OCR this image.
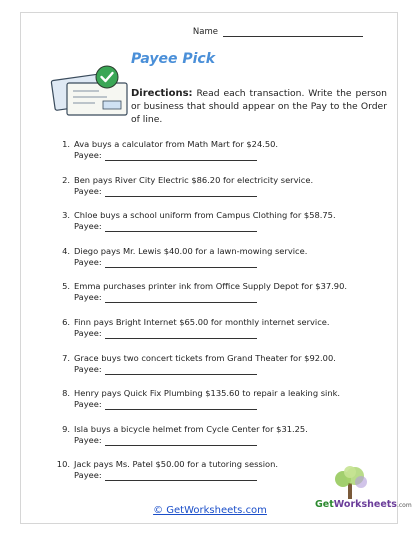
Name
Payee Pick
Directions: Read each transaction. Write the person or business that should appear on the Pay to the Order of line.
1. Ava buys a calculator from Math Mart for $24.50.
Payee:
2. Ben pays River City Electric $86.20 for electricity service.
Payee:
3. Chloe buys a school uniform from Campus Clothing for $58.75.
Payee:
4. Diego pays Mr. Lewis $40.00 for a lawn-mowing service.
Payee:
5. Emma purchases printer ink from Office Supply Depot for $37.90.
Payee:
6. Finn pays Bright Internet $65.00 for monthly internet service.
Payee:
7. Grace buys two concert tickets from Grand Theater for $92.00.
Payee:
8. Henry pays Quick Fix Plumbing $135.60 to repair a leaking sink.
Payee:
9. Isla buys a bicycle helmet from Cycle Center for $31.25.
Payee:
10. Jack pays Ms. Patel $50.00 for a tutoring session.
Payee:
© GetWorksheets.com
GetWorksheets.com
